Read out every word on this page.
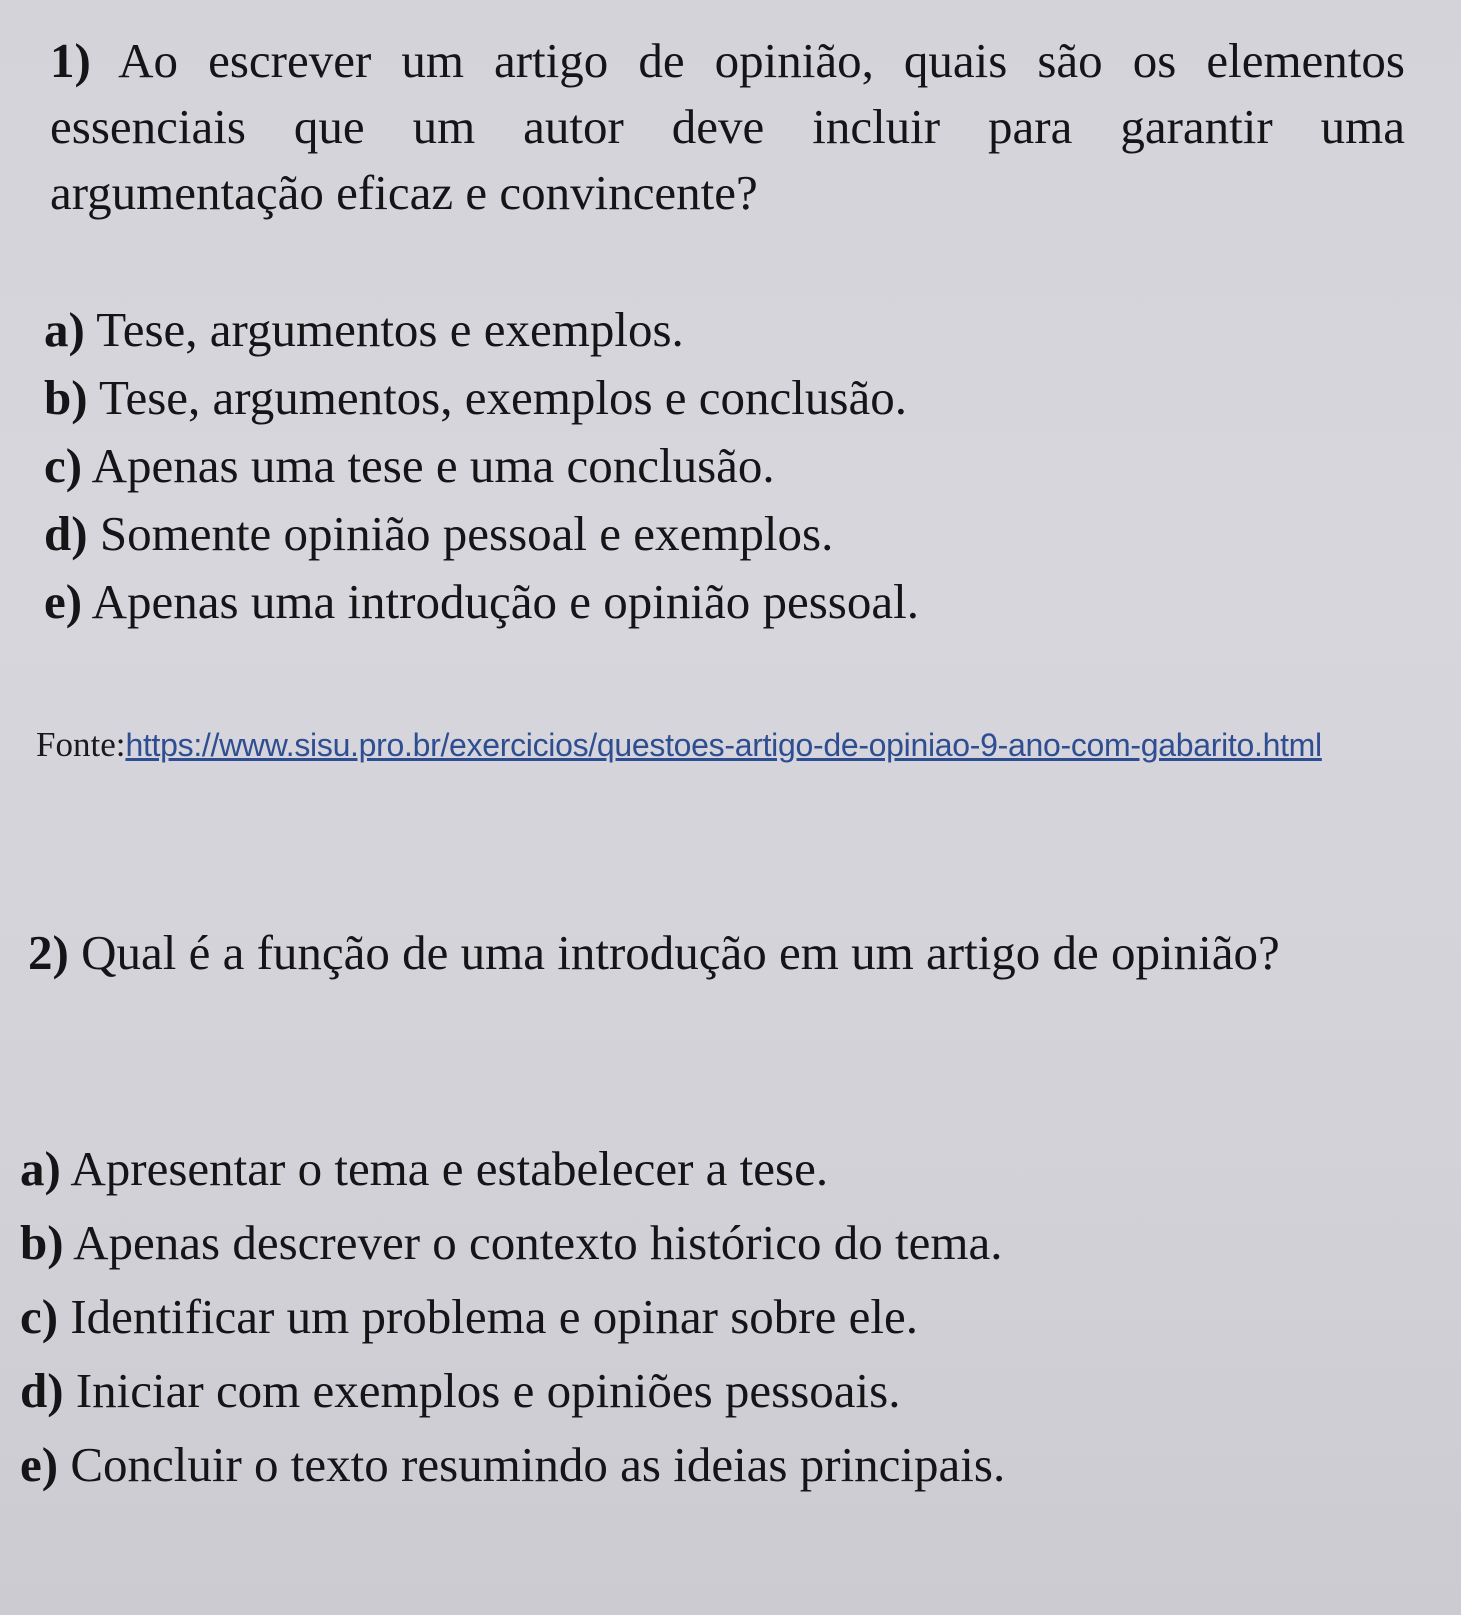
1) Ao escrever um artigo de opinião, quais são os elementos essenciais que um autor deve incluir para garantir uma argumentação eficaz e convincente?

a) Tese, argumentos e exemplos.
b) Tese, argumentos, exemplos e conclusão.
c) Apenas uma tese e uma conclusão.
d) Somente opinião pessoal e exemplos.
e) Apenas uma introdução e opinião pessoal.
Fonte:https://www.sisu.pro.br/exercicios/questoes-artigo-de-opiniao-9-ano-com-gabarito.html

2) Qual é a função de uma introdução em um artigo de opinião?

a) Apresentar o tema e estabelecer a tese.
b) Apenas descrever o contexto histórico do tema.
c) Identificar um problema e opinar sobre ele.
d) Iniciar com exemplos e opiniões pessoais.
e) Concluir o texto resumindo as ideias principais.
